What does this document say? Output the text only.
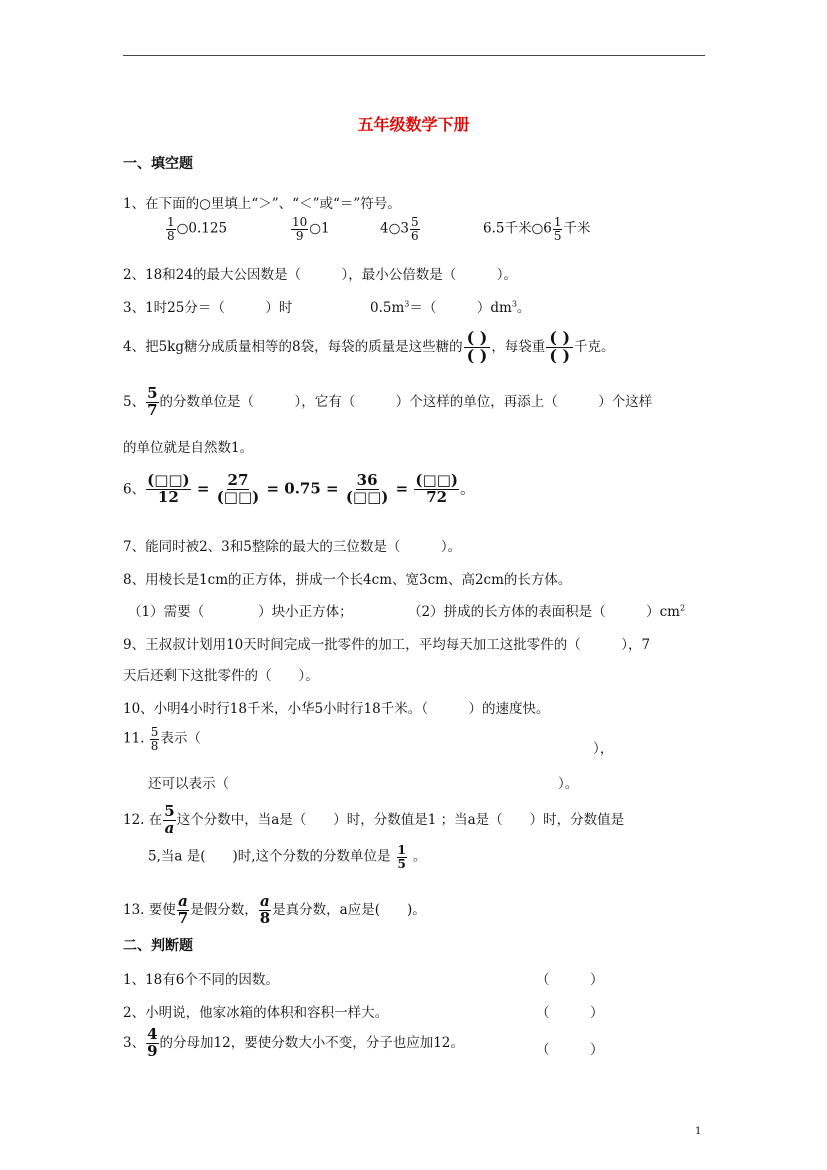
五年级数学下册
一、填空题
1、在下面的○里填上“＞”、“＜”或“＝”符号。
$\frac{1}{8}$ ○0.125	$\frac{10}{9}$ ○1	4○3 $\frac{5}{6}$	6.5千米○6 $\frac{1}{5}$ 千米
2、18和24的最大公因数是（　　　），最小公倍数是（　　　）。
3、1时25分＝（　　　）时	$0.5m^3=$（　　　）$dm^3$。
4、把5kg糖分成质量相等的8袋，每袋的质量是这些糖的 $\frac{( )}{( )}$ ，每袋重 $\frac{( )}{( )}$ 千克。
5、 $\frac{5}{7}$ 的分数单位是（　　　），它有（　　　）个这样的单位，再添上（　　　）个这样
的单位就是自然数1。
6、 $\frac{(□□)}{12} = \frac{27}{(□□)} = 0.75 = \frac{36}{(□□)} = \frac{(□□)}{72}$ 。
7、能同时被2、3和5整除的最大的三位数是（　　　）。
8、用棱长是1cm的正方体，拼成一个长4cm、宽3cm、高2cm的长方体。
（1）需要（　　　　）块小正方体；	（2）拼成的长方体的表面积是（　　　）$cm^2$
9、王叔叔计划用10天时间完成一批零件的加工，平均每天加工这批零件的（　　　），7
天后还剩下这批零件的（　　）。
10、小明4小时行18千米，小华5小时行18千米。（　　　）的速度快。
11. $\frac{5}{8}$ 表示（
），
还可以表示（	）。
12. 在 $\frac{5}{a}$ 这个分数中，当a是（　　）时，分数值是1 ；当a是（　　）时，分数值是
5,当a 是(　　)时,这个分数的分数单位是 $\frac{1}{5}$ 。
13. 要使 $\frac{a}{7}$ 是假分数， $\frac{a}{8}$ 是真分数，a应是(　　)。
二、判断题
1、18有6个不同的因数。	（　　　）
2、小明说，他家冰箱的体积和容积一样大。	（　　　）
3、 $\frac{4}{9}$ 的分母加12，要使分数大小不变，分子也应加12。	（　　　）
1
